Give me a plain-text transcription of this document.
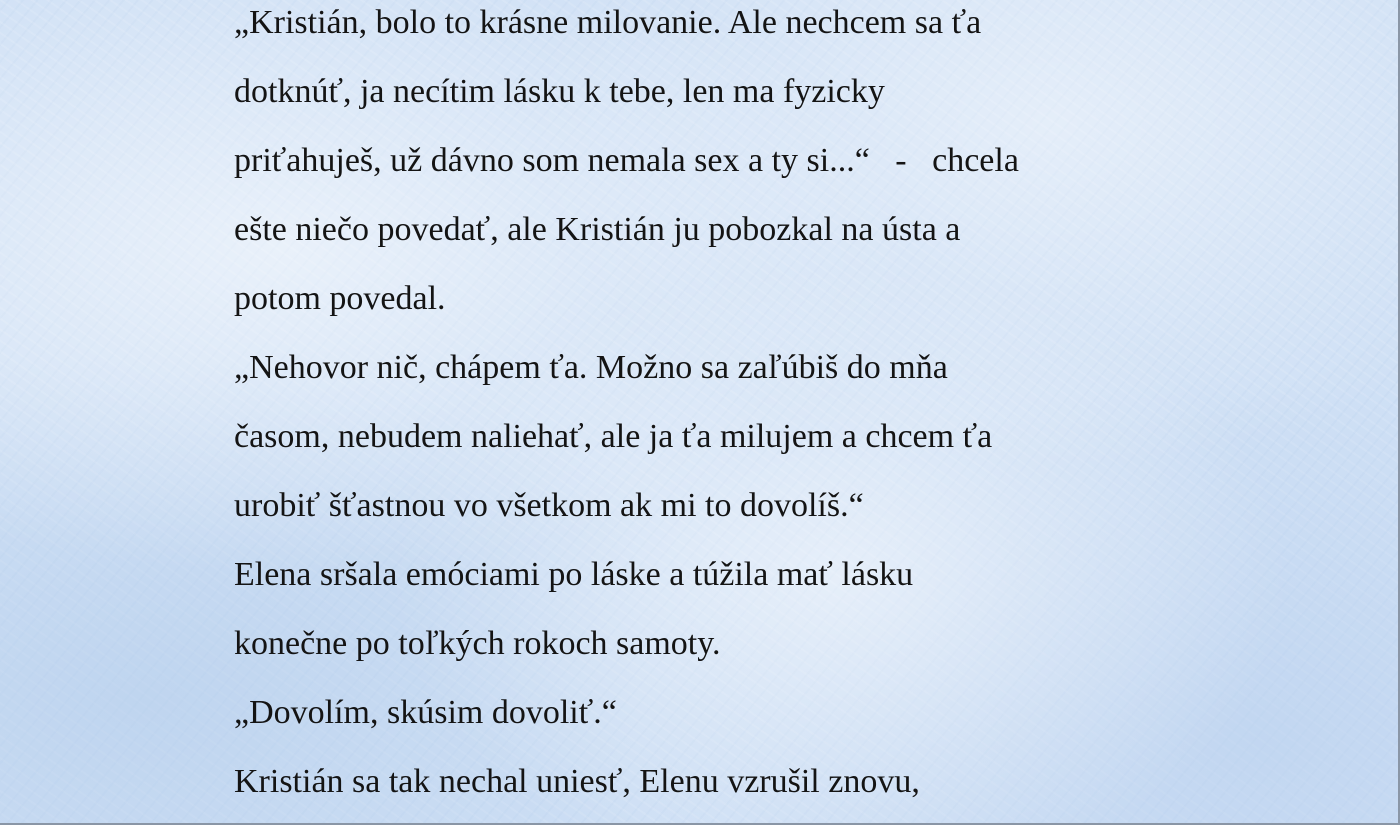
„Kristián, bolo to krásne milovanie. Ale nechcem sa ťa
dotknúť, ja necítim lásku k tebe, len ma fyzicky
priťahuješ, už dávno som nemala sex a ty si...“   -   chcela
ešte niečo povedať, ale Kristián ju pobozkal na ústa a
potom povedal.
„Nehovor nič, chápem ťa. Možno sa zaľúbiš do mňa
časom, nebudem naliehať, ale ja ťa milujem a chcem ťa
urobiť šťastnou vo všetkom ak mi to dovolíš.“
Elena sršala emóciami po láske a túžila mať lásku
konečne po toľkých rokoch samoty.
„Dovolím, skúsim dovoliť.“
Kristián sa tak nechal uniesť, Elenu vzrušil znovu,
